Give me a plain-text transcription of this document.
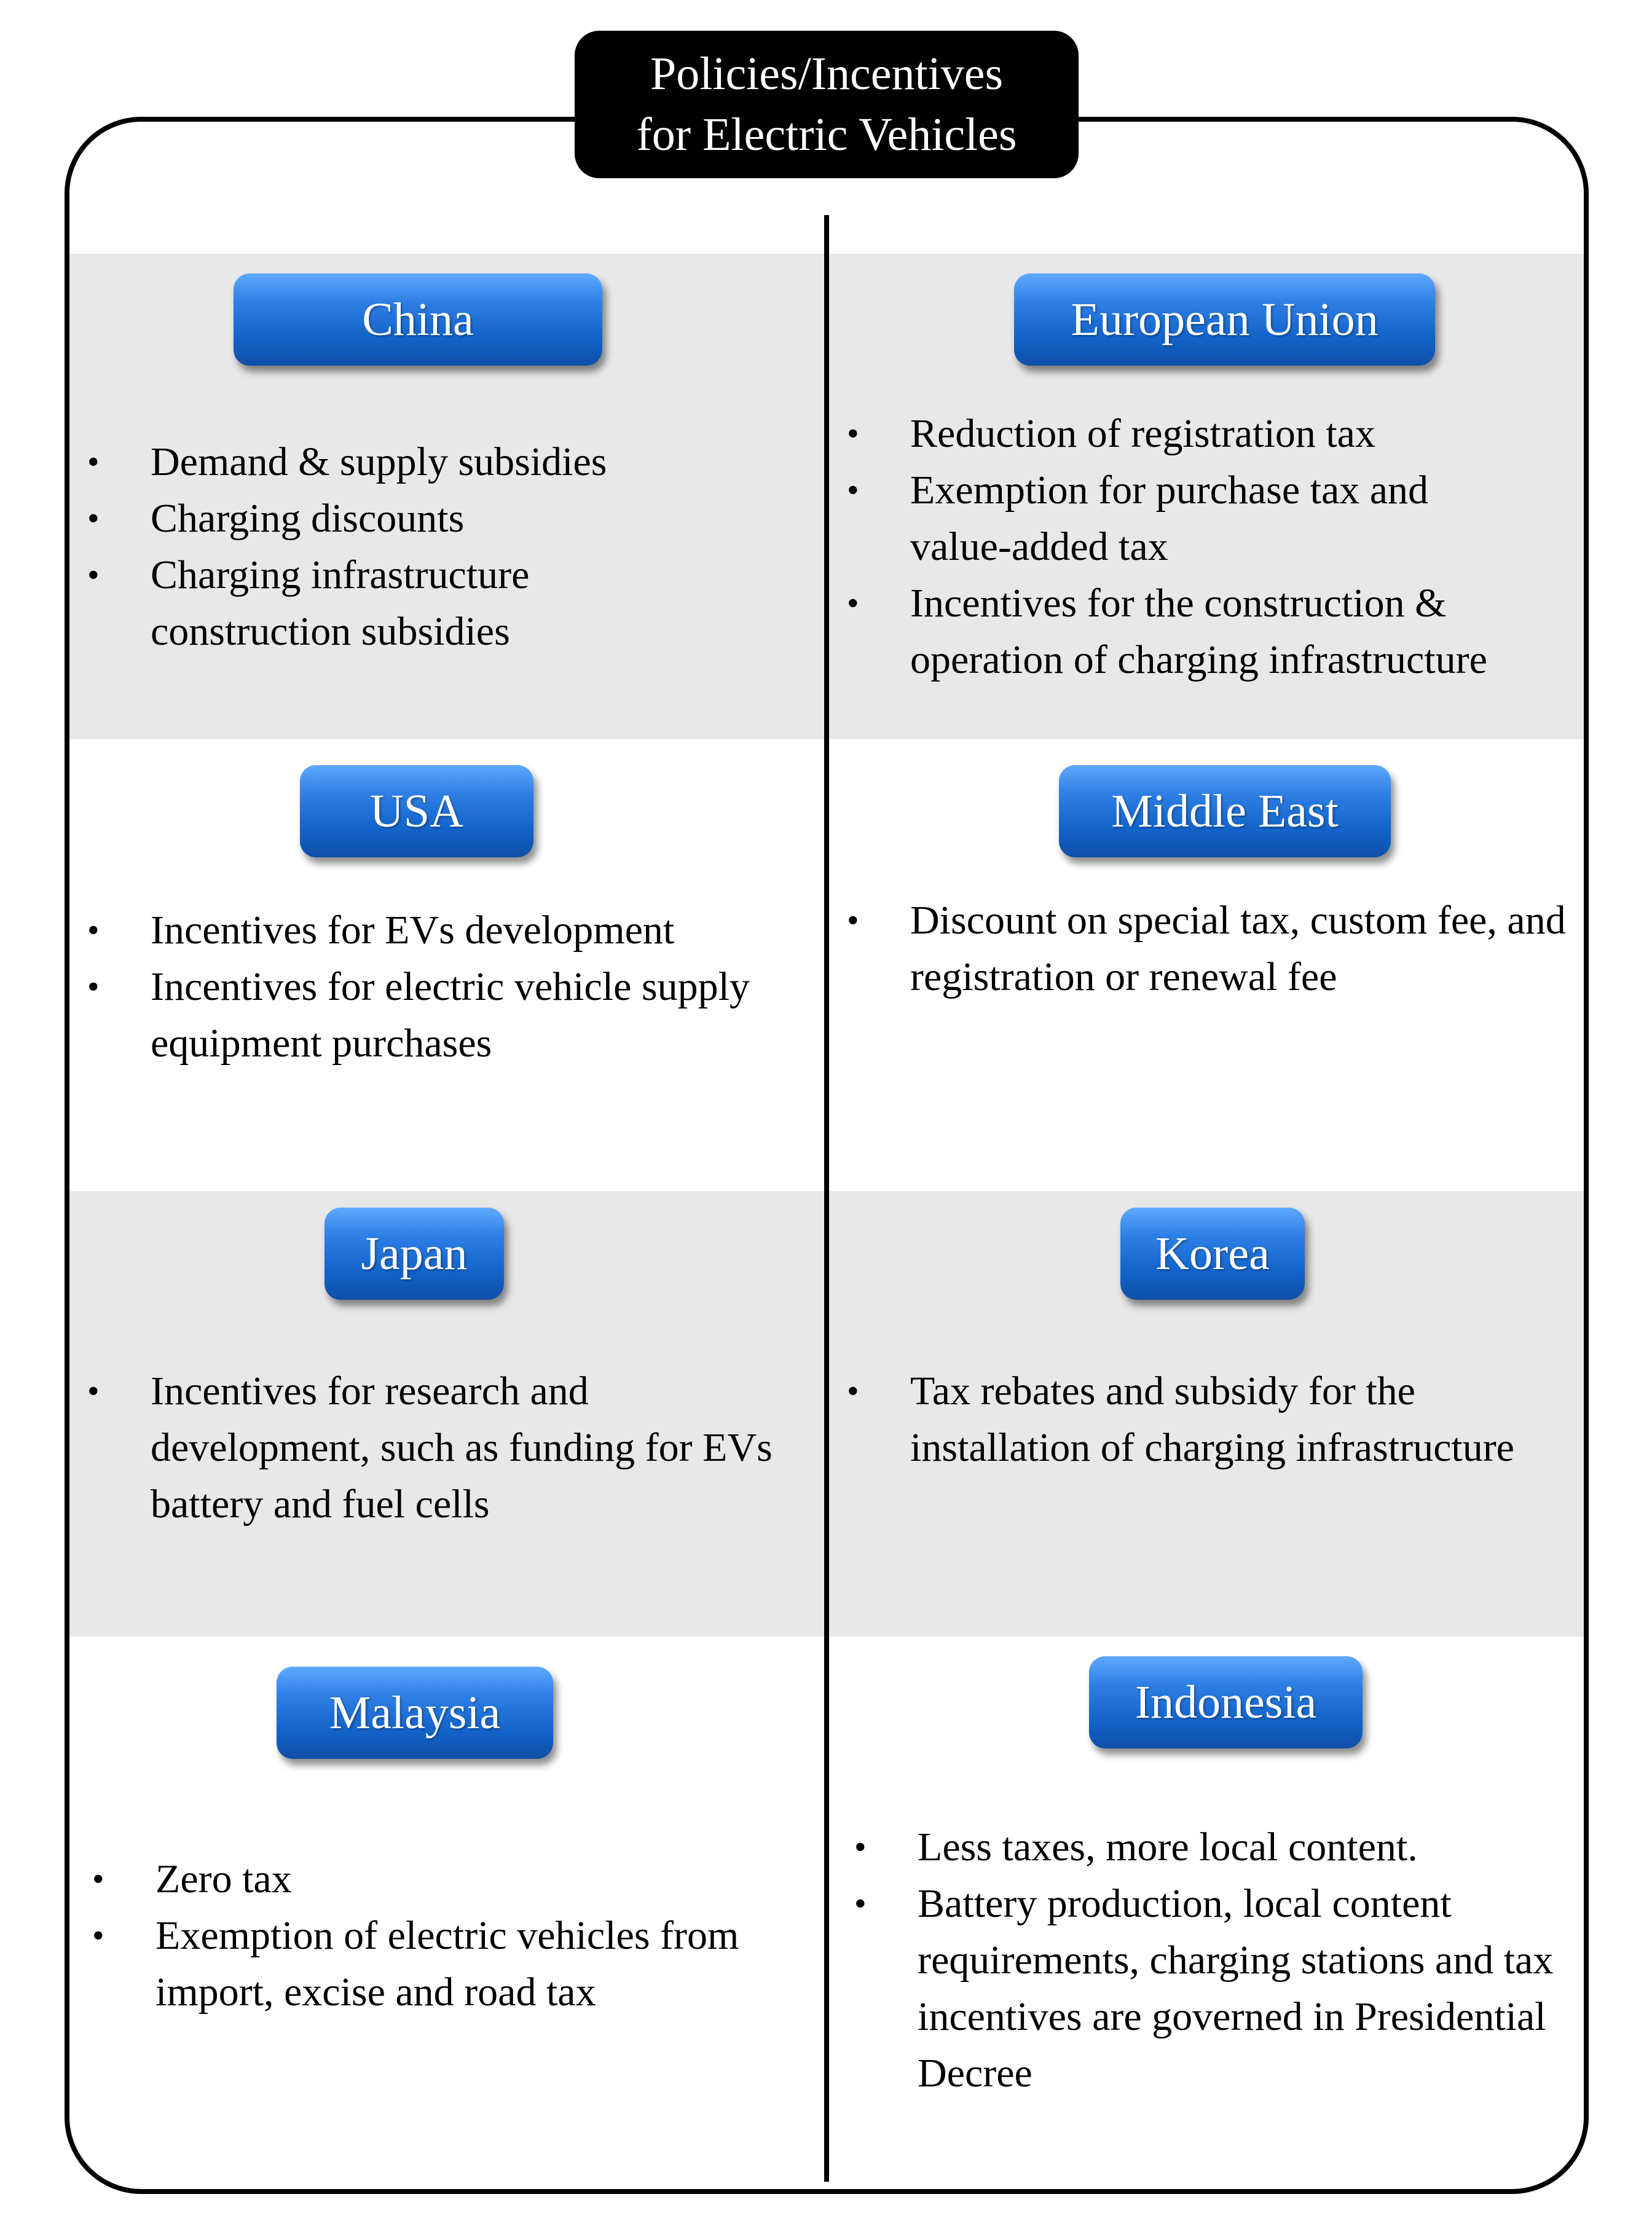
Policies/Incentives
for Electric Vehicles
China
• Demand & supply subsidies
• Charging discounts
• Charging infrastructure construction subsidies
European Union
• Reduction of registration tax
• Exemption for purchase tax and value-added tax
• Incentives for the construction & operation of charging infrastructure
USA
• Incentives for EVs development
• Incentives for electric vehicle supply equipment purchases
Middle East
• Discount on special tax, custom fee, and registration or renewal fee
Japan
• Incentives for research and development, such as funding for EVs battery and fuel cells
Korea
• Tax rebates and subsidy for the installation of charging infrastructure
Malaysia
• Zero tax
• Exemption of electric vehicles from import, excise and road tax
Indonesia
• Less taxes, more local content.
• Battery production, local content requirements, charging stations and tax incentives are governed in Presidential Decree
